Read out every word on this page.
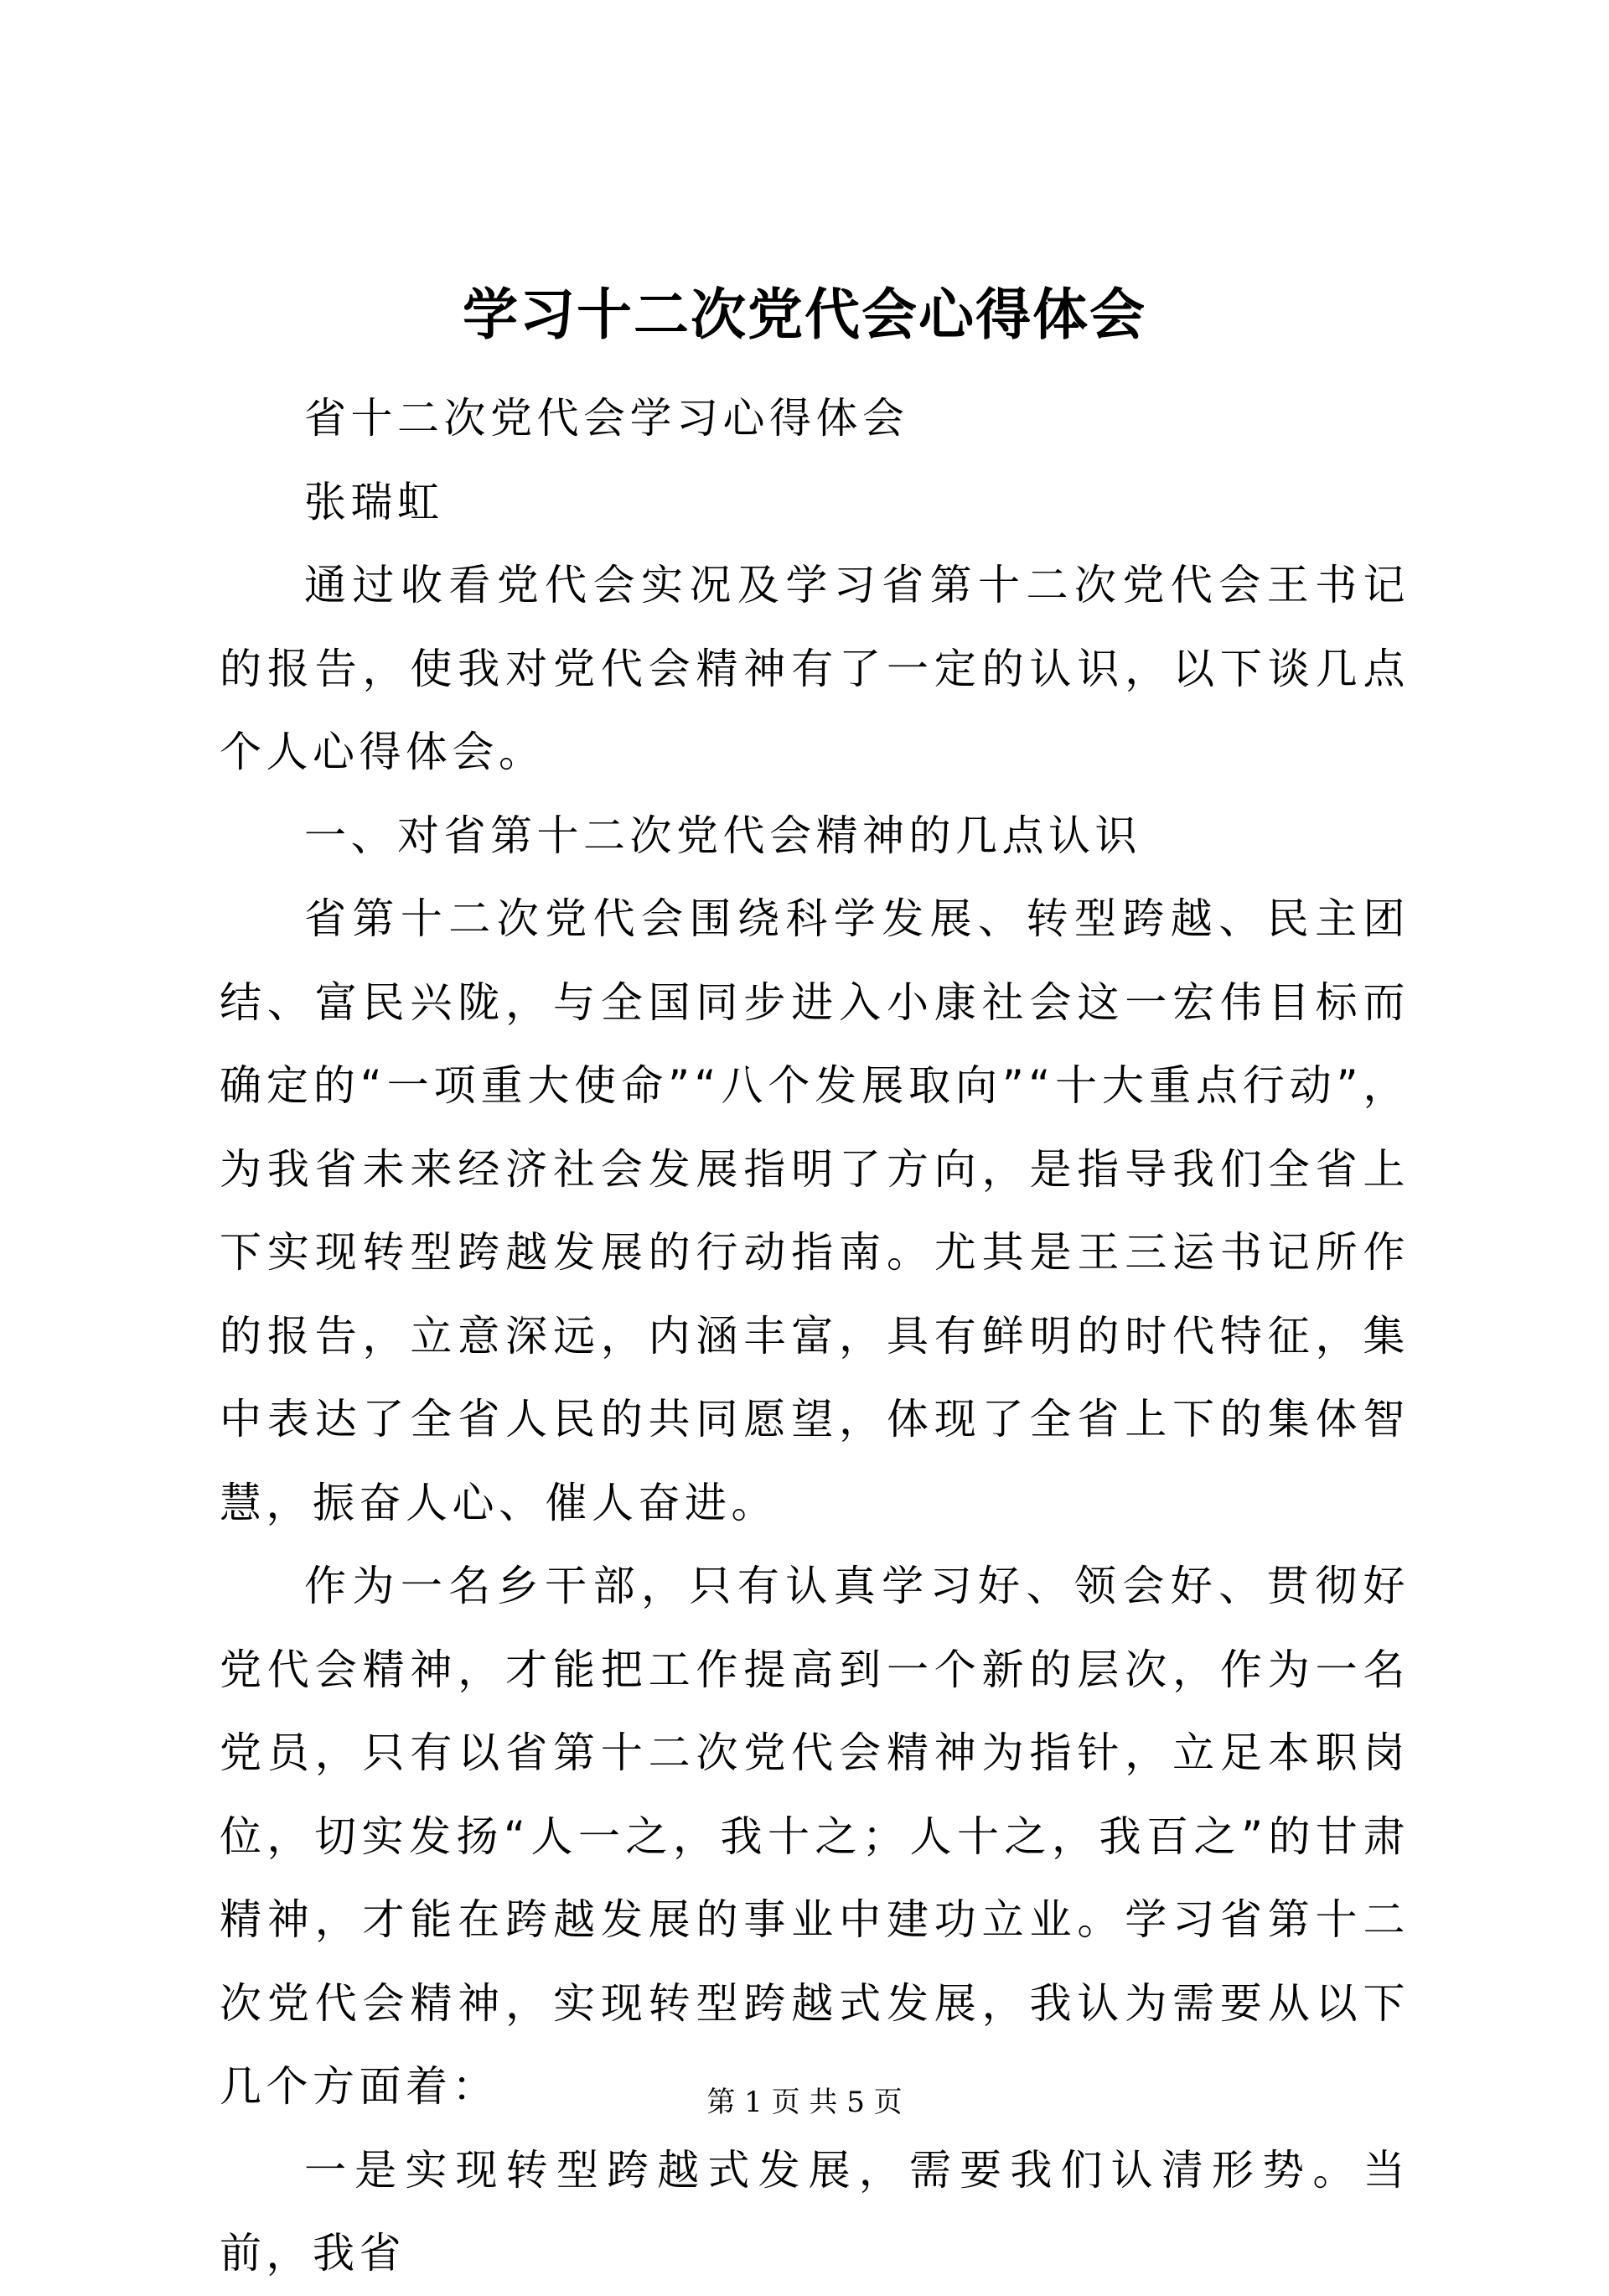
学习十二次党代会心得体会

省十二次党代会学习心得体会

张瑞虹

通过收看党代会实况及学习省第十二次党代会王书记的报告，使我对党代会精神有了一定的认识，以下谈几点个人心得体会。

一、对省第十二次党代会精神的几点认识

省第十二次党代会围绕科学发展、转型跨越、民主团结、富民兴陇，与全国同步进入小康社会这一宏伟目标而确定的“一项重大使命”“八个发展取向”“十大重点行动”，为我省未来经济社会发展指明了方向，是指导我们全省上下实现转型跨越发展的行动指南。尤其是王三运书记所作的报告，立意深远，内涵丰富，具有鲜明的时代特征，集中表达了全省人民的共同愿望，体现了全省上下的集体智慧，振奋人心、催人奋进。

作为一名乡干部，只有认真学习好、领会好、贯彻好党代会精神，才能把工作提高到一个新的层次，作为一名党员，只有以省第十二次党代会精神为指针，立足本职岗位，切实发扬“人一之，我十之；人十之，我百之”的甘肃精神，才能在跨越发展的事业中建功立业。学习省第十二次党代会精神，实现转型跨越式发展，我认为需要从以下几个方面着：

一是实现转型跨越式发展，需要我们认清形势。当前，我省

第 1 页 共 5 页
